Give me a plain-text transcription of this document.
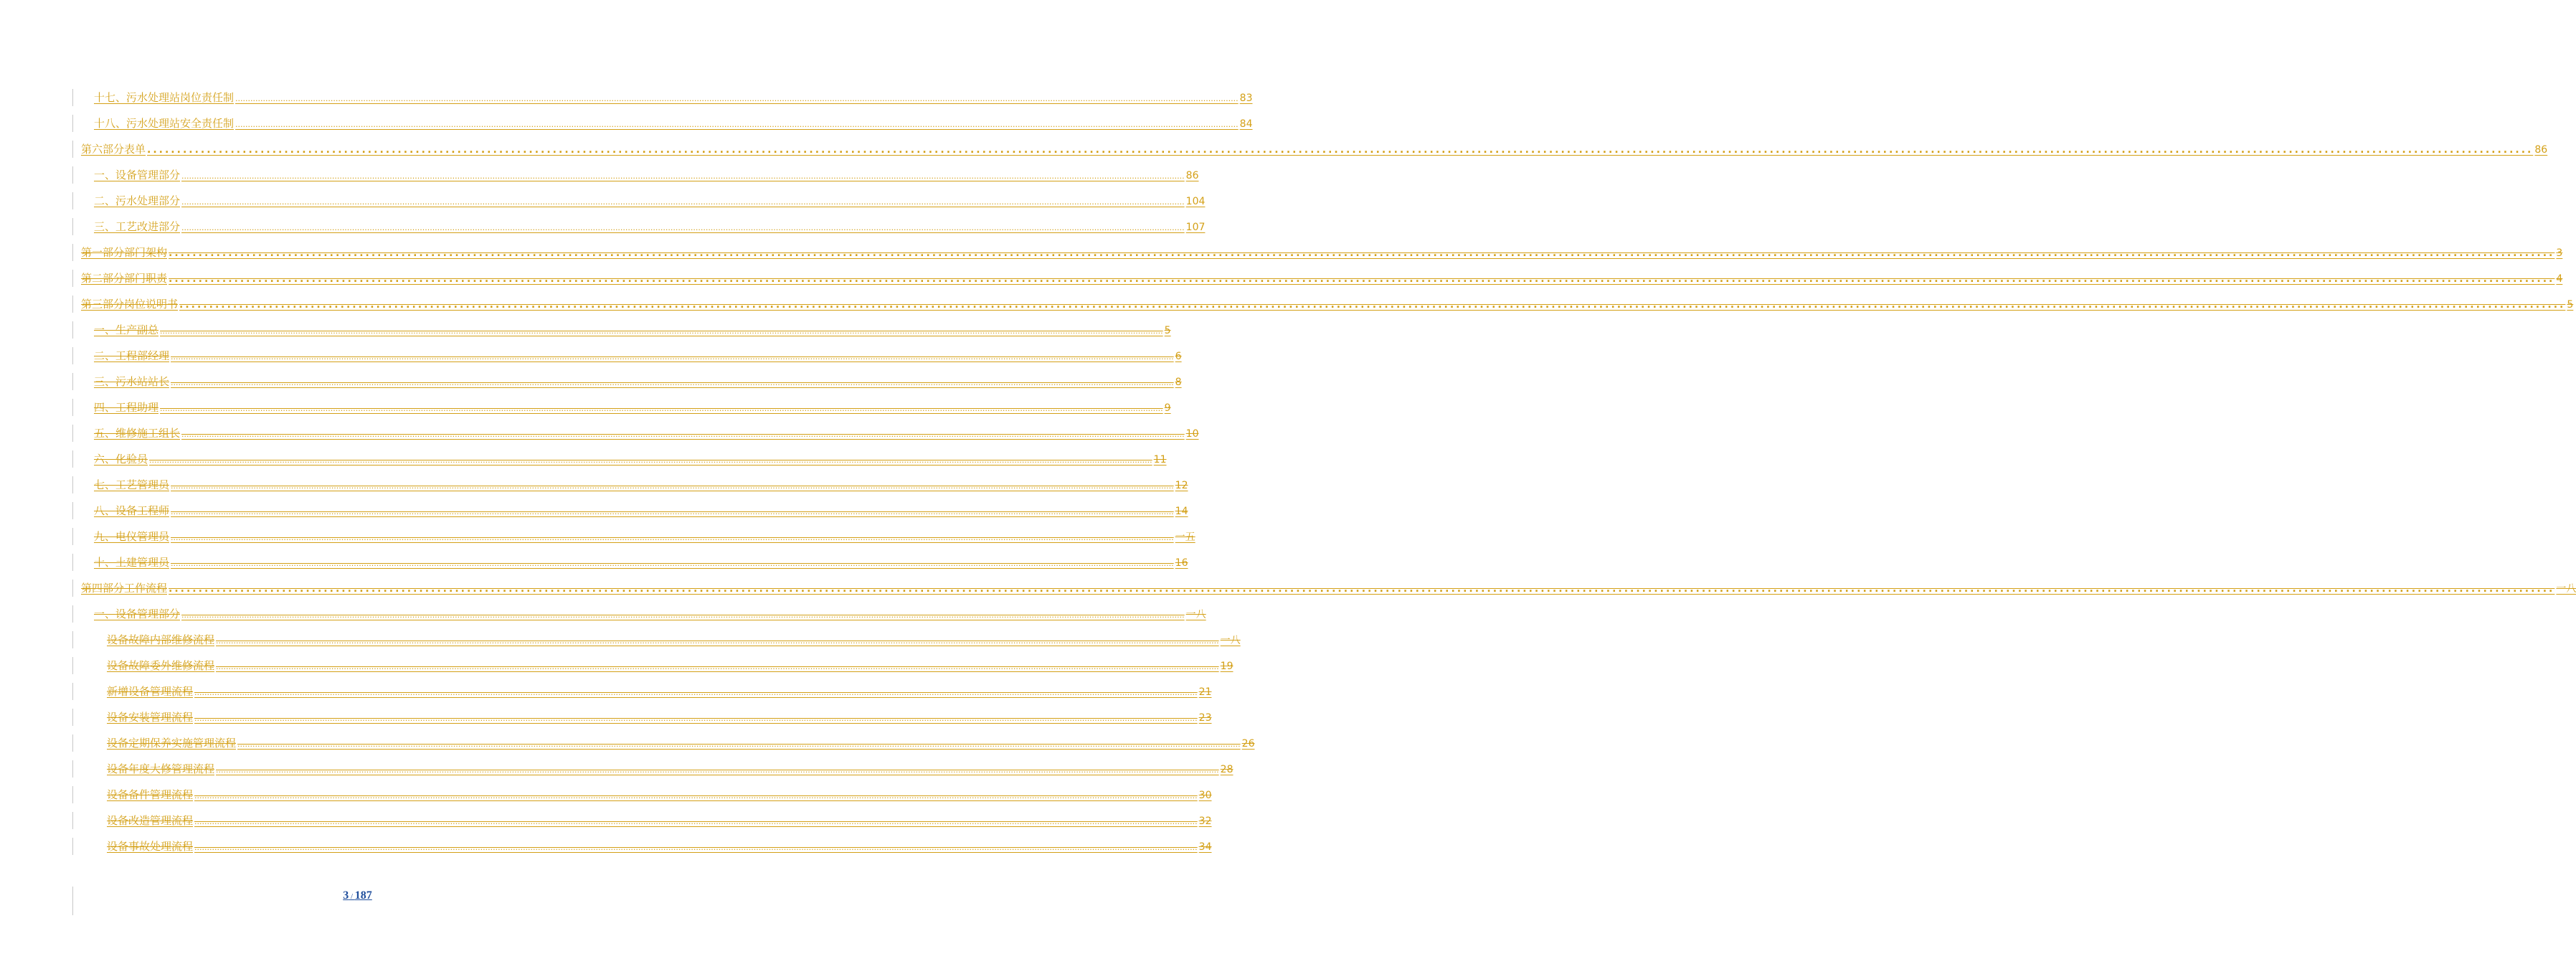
十七、 污水处理站岗位责任制 ................................................................................................................................................................................................................................................................................................................................................................................................................ 83
十八、 污水处理站安全责任制 ................................................................................................................................................................................................................................................................................................................................................................................................................ 84
第六部分 表单 ................................................................................................................................................................................................................................................................................................................................................................................................................ 86
一、 设备管理部分 ................................................................................................................................................................................................................................................................................................................................................................................................................ 86
二、 污水处理部分 ................................................................................................................................................................................................................................................................................................................................................................................................................ 104
三、 工艺改进部分 ................................................................................................................................................................................................................................................................................................................................................................................................................ 107
第一部分 部门架构 ................................................................................................................................................................................................................................................................................................................................................................................................................ 3
第二部分 部门职责 ................................................................................................................................................................................................................................................................................................................................................................................................................ 4
第三部分 岗位说明书 ................................................................................................................................................................................................................................................................................................................................................................................................................ 5
一、 生产副总 ................................................................................................................................................................................................................................................................................................................................................................................................................ 5
二、 工程部经理 ................................................................................................................................................................................................................................................................................................................................................................................................................ 6
三、 污水站站长 ................................................................................................................................................................................................................................................................................................................................................................................................................ 8
四、 工程助理 ................................................................................................................................................................................................................................................................................................................................................................................................................ 9
五、 维修施工组长 ................................................................................................................................................................................................................................................................................................................................................................................................................ 10
六、 化验员 ................................................................................................................................................................................................................................................................................................................................................................................................................ 11
七、 工艺管理员 ................................................................................................................................................................................................................................................................................................................................................................................................................ 12
八、 设备工程师 ................................................................................................................................................................................................................................................................................................................................................................................................................ 14
九、 电仪管理员 ................................................................................................................................................................................................................................................................................................................................................................................................................ 一五
十、 土建管理员 ................................................................................................................................................................................................................................................................................................................................................................................................................ 16
第四部分 工作流程 ................................................................................................................................................................................................................................................................................................................................................................................................................ 一八
一、 设备管理部分 ................................................................................................................................................................................................................................................................................................................................................................................................................ 一八
设备故障内部维修流程 ................................................................................................................................................................................................................................................................................................................................................................................................................ 一八
设备故障委外维修流程 ................................................................................................................................................................................................................................................................................................................................................................................................................ 19
新增设备管理流程 ................................................................................................................................................................................................................................................................................................................................................................................................................ 21
设备安装管理流程 ................................................................................................................................................................................................................................................................................................................................................................................................................ 23
设备定期保养实施管理流程 ................................................................................................................................................................................................................................................................................................................................................................................................................ 26
设备年度大修管理流程 ................................................................................................................................................................................................................................................................................................................................................................................................................ 28
设备备件管理流程 ................................................................................................................................................................................................................................................................................................................................................................................................................ 30
设备改造管理流程 ................................................................................................................................................................................................................................................................................................................................................................................................................ 32
设备事故处理流程 ................................................................................................................................................................................................................................................................................................................................................................................................................ 34
3 / 187
